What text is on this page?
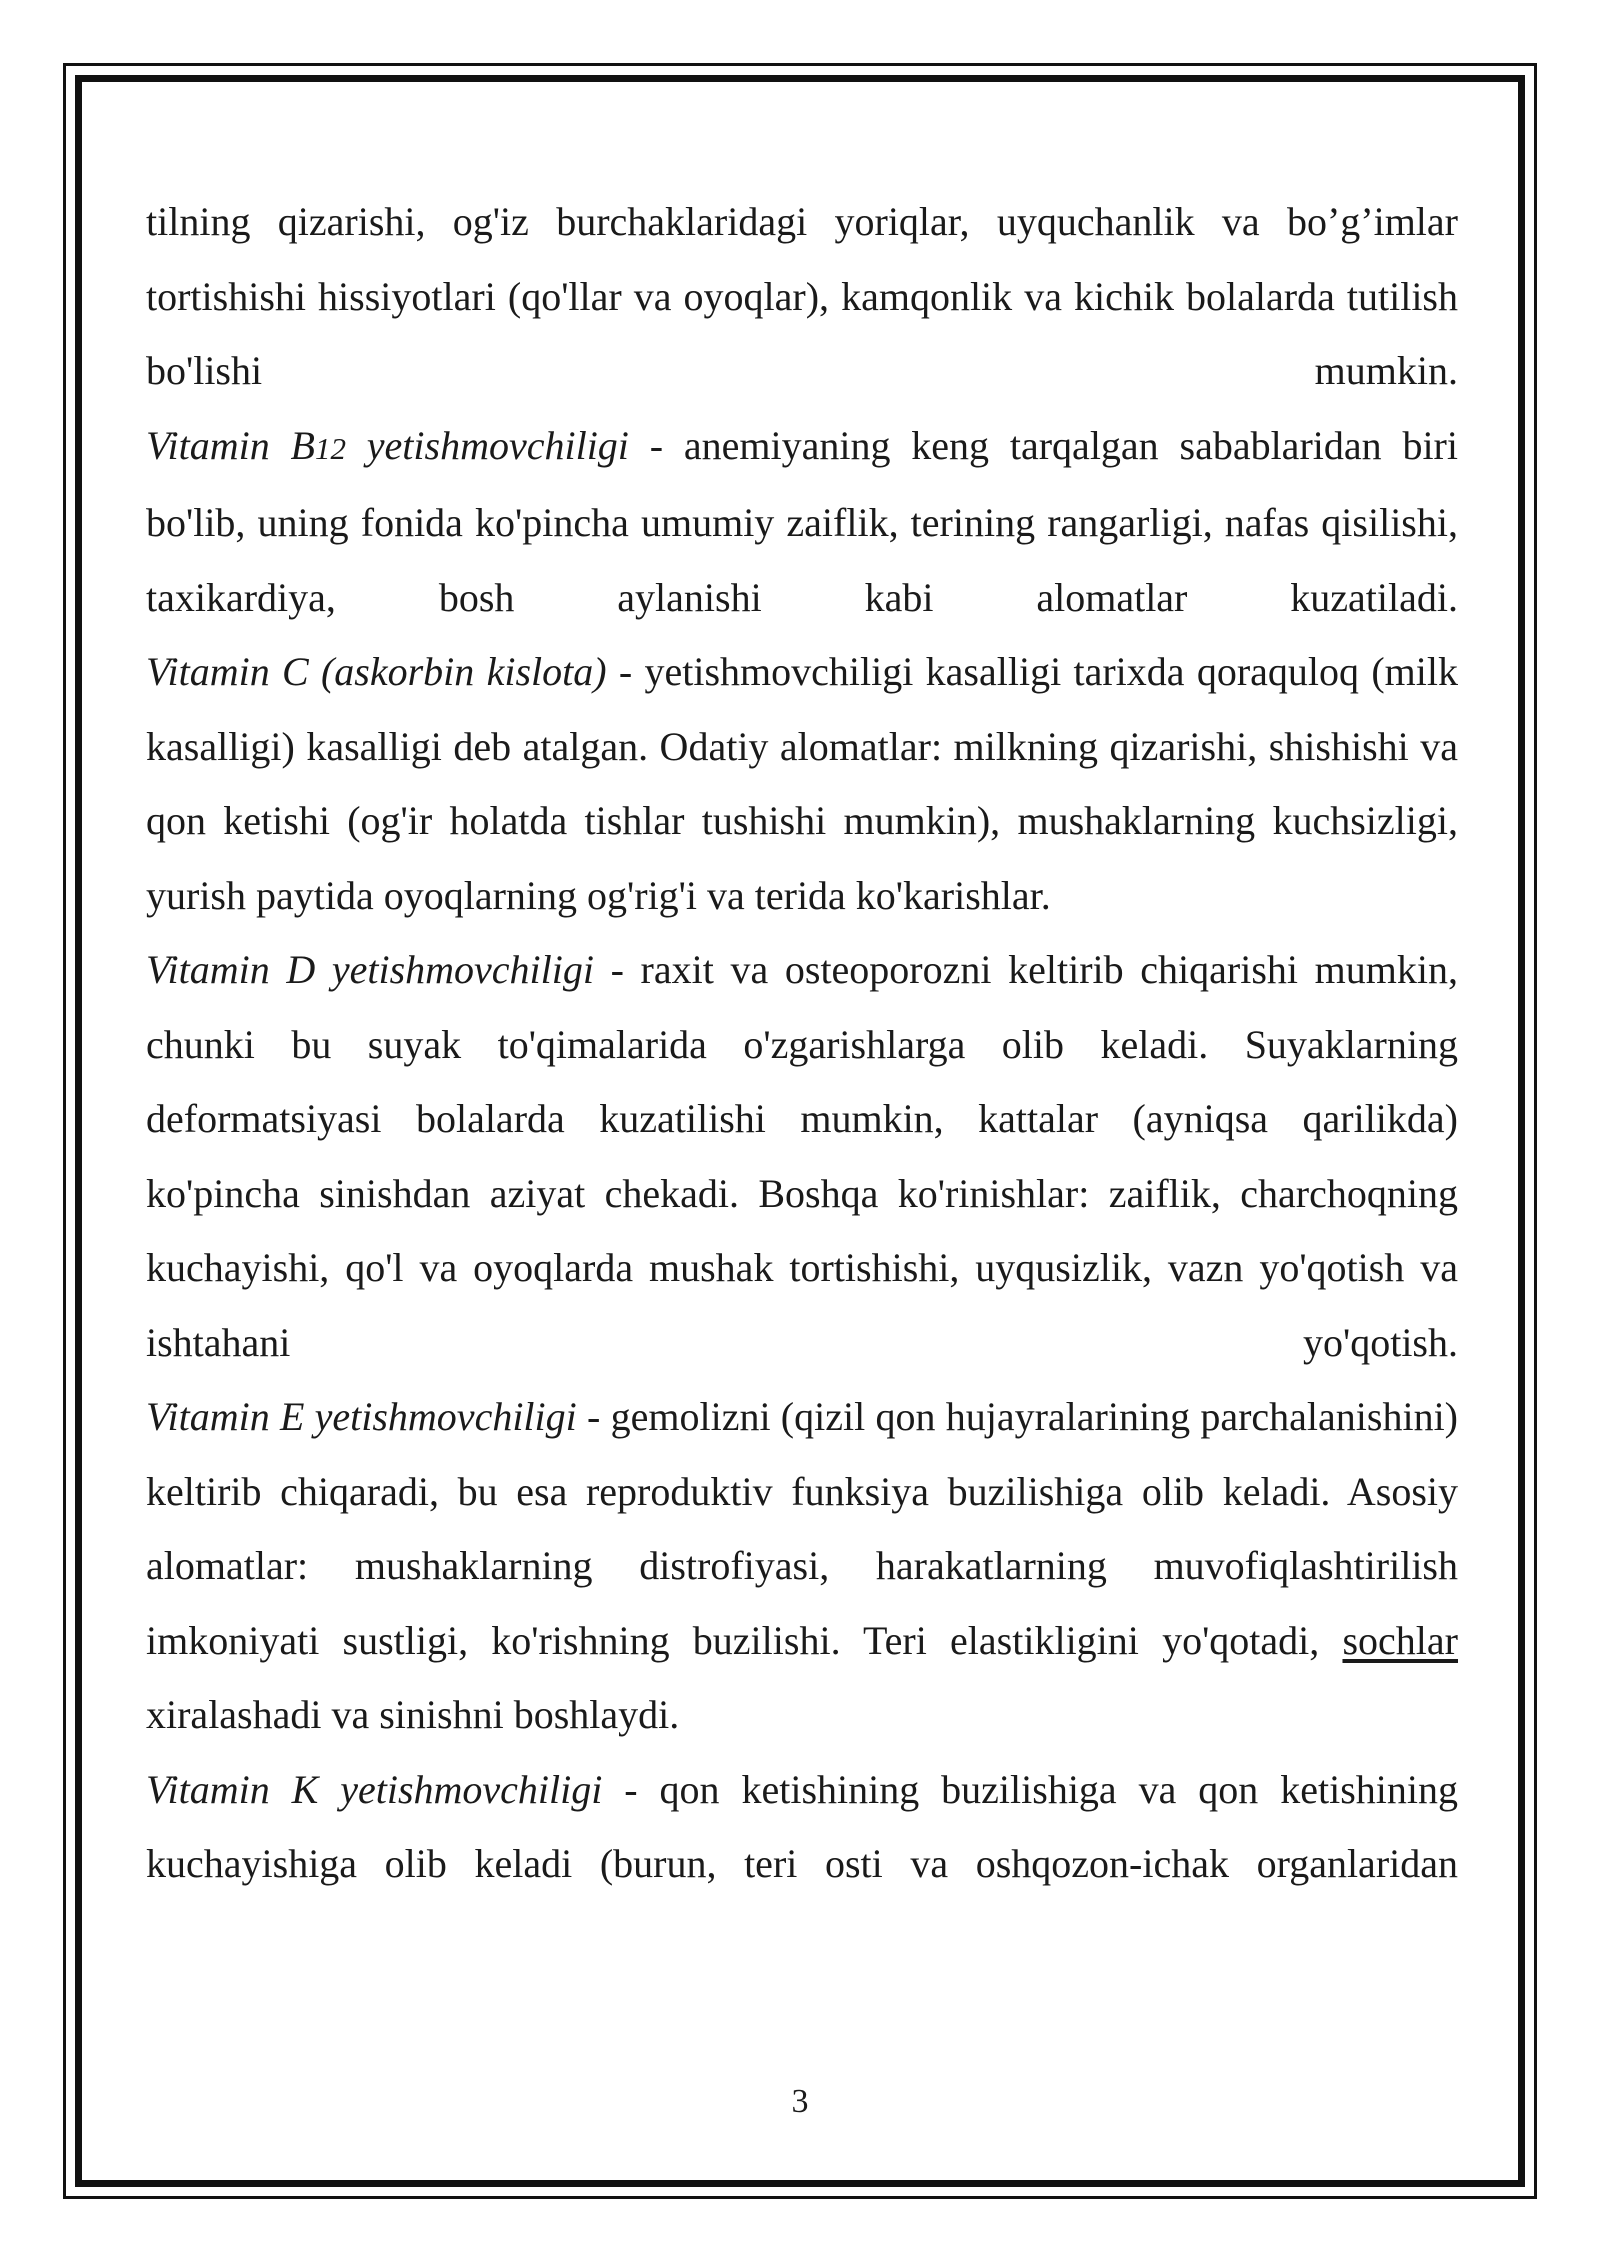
tilning qizarishi, og'iz burchaklaridagi yoriqlar, uyquchanlik va bo’g’imlar tortishishi hissiyotlari (qo'llar va oyoqlar), kamqonlik va kichik bolalarda tutilish bo'lishi mumkin.

Vitamin B12 yetishmovchiligi - anemiyaning keng tarqalgan sabablaridan biri bo'lib, uning fonida ko'pincha umumiy zaiflik, terining rangarligi, nafas qisilishi, taxikardiya, bosh aylanishi kabi alomatlar kuzatiladi.

Vitamin C (askorbin kislota) - yetishmovchiligi kasalligi tarixda qoraquloq (milk kasalligi) kasalligi deb atalgan. Odatiy alomatlar: milkning qizarishi, shishishi va qon ketishi (og'ir holatda tishlar tushishi mumkin), mushaklarning kuchsizligi, yurish paytida oyoqlarning og'rig'i va terida ko'karishlar.

Vitamin D yetishmovchiligi - raxit va osteoporozni keltirib chiqarishi mumkin, chunki bu suyak to'qimalarida o'zgarishlarga olib keladi. Suyaklarning deformatsiyasi bolalarda kuzatilishi mumkin, kattalar (ayniqsa qarilikda) ko'pincha sinishdan aziyat chekadi. Boshqa ko'rinishlar: zaiflik, charchoqning kuchayishi, qo'l va oyoqlarda mushak tortishishi, uyqusizlik, vazn yo'qotish va ishtahani yo'qotish.

Vitamin E yetishmovchiligi - gemolizni (qizil qon hujayralarining parchalanishini) keltirib chiqaradi, bu esa reproduktiv funksiya buzilishiga olib keladi. Asosiy alomatlar: mushaklarning distrofiyasi, harakatlarning muvofiqlashtirilish imkoniyati sustligi, ko'rishning buzilishi. Teri elastikligini yo'qotadi, sochlar xiralashadi va sinishni boshlaydi.

Vitamin K yetishmovchiligi - qon ketishining buzilishiga va qon ketishining kuchayishiga olib keladi (burun, teri osti va oshqozon-ichak organlaridan

3
